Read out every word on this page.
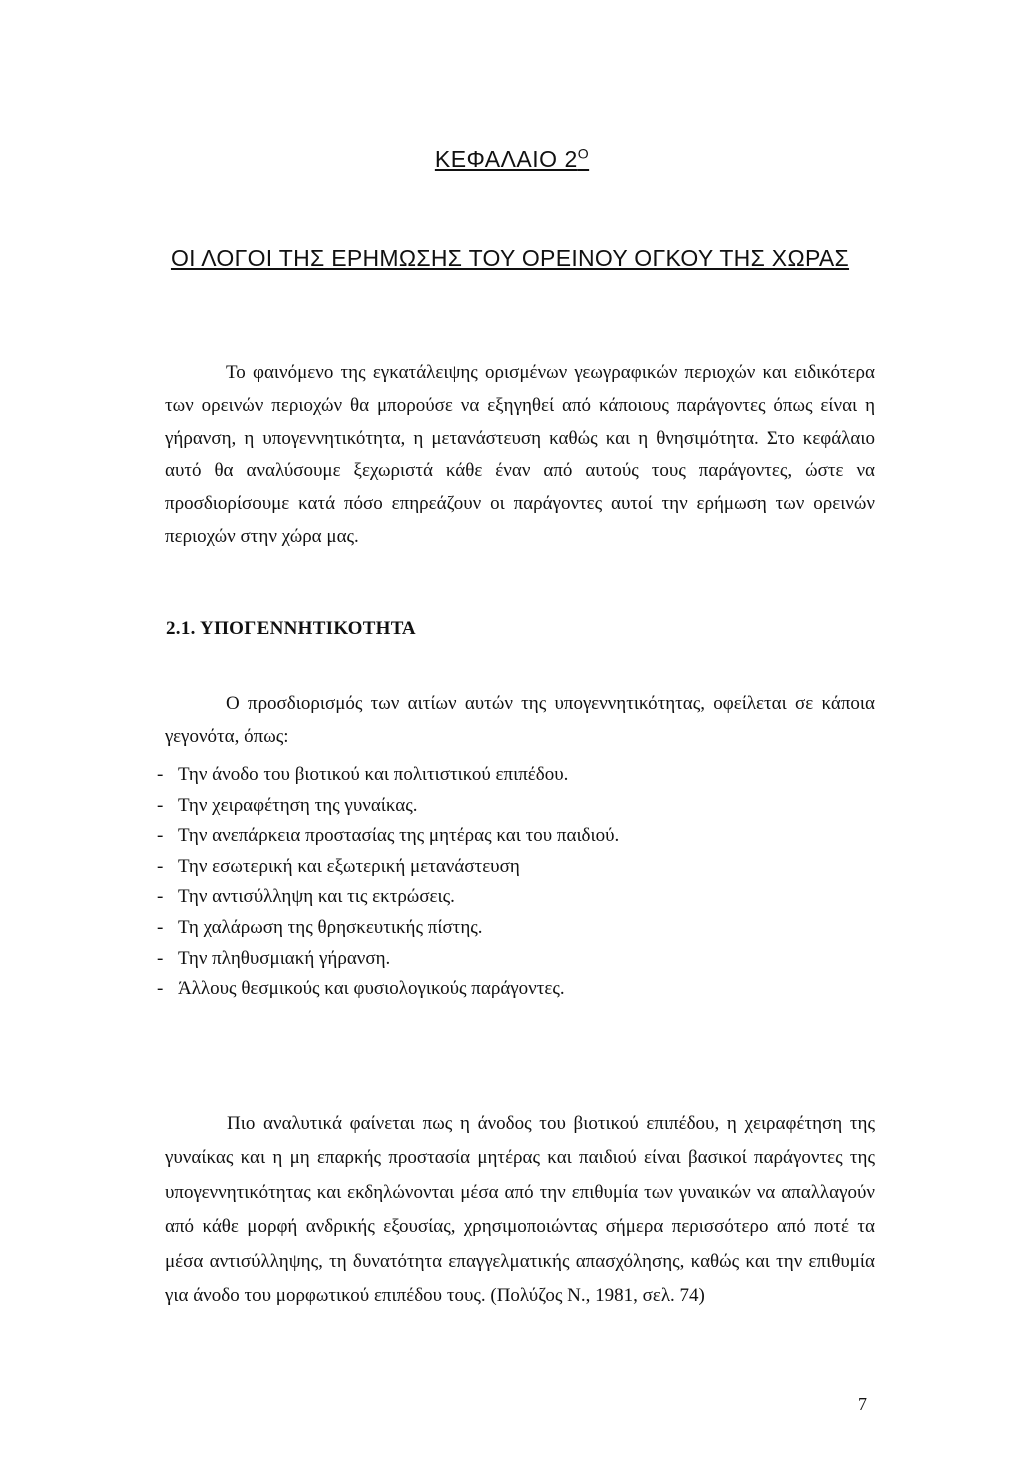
ΚΕΦΑΛΑΙΟ $2^O$
ΟΙ ΛΟΓΟΙ ΤΗΣ ΕΡΗΜΩΣΗΣ ΤΟΥ ΟΡΕΙΝΟΥ ΟΓΚΟΥ ΤΗΣ ΧΩΡΑΣ

Το φαινόμενο της εγκατάλειψης ορισμένων γεωγραφικών περιοχών και ειδικότερα των ορεινών περιοχών θα μπορούσε να εξηγηθεί από κάποιους παράγοντες όπως είναι η γήρανση, η υπογεννητικότητα, η μετανάστευση καθώς και η θνησιμότητα. Στο κεφάλαιο αυτό θα αναλύσουμε ξεχωριστά κάθε έναν από αυτούς τους παράγοντες, ώστε να προσδιορίσουμε κατά πόσο επηρεάζουν οι παράγοντες αυτοί την ερήμωση των ορεινών περιοχών στην χώρα μας.

2.1. ΥΠΟΓΕΝΝΗΤΙΚΟΤΗΤΑ

Ο προσδιορισμός των αιτίων αυτών της υπογεννητικότητας, οφείλεται σε κάποια γεγονότα, όπως:

- Την άνοδο του βιοτικού και πολιτιστικού επιπέδου.
- Την χειραφέτηση της γυναίκας.
- Την ανεπάρκεια προστασίας της μητέρας και του παιδιού.
- Την εσωτερική και εξωτερική μετανάστευση
- Την αντισύλληψη και τις εκτρώσεις.
- Τη χαλάρωση της θρησκευτικής πίστης.
- Την πληθυσμιακή γήρανση.
- Άλλους θεσμικούς και φυσιολογικούς παράγοντες.

Πιο αναλυτικά φαίνεται πως η άνοδος του βιοτικού επιπέδου, η χειραφέτηση της γυναίκας και η μη επαρκής προστασία μητέρας και παιδιού είναι βασικοί παράγοντες της υπογεννητικότητας και εκδηλώνονται μέσα από την επιθυμία των γυναικών να απαλλαγούν από κάθε μορφή ανδρικής εξουσίας, χρησιμοποιώντας σήμερα περισσότερο από ποτέ τα μέσα αντισύλληψης, τη δυνατότητα επαγγελματικής απασχόλησης, καθώς και την επιθυμία για άνοδο του μορφωτικού επιπέδου τους. (Πολύζος Ν., 1981, σελ. 74)

7
